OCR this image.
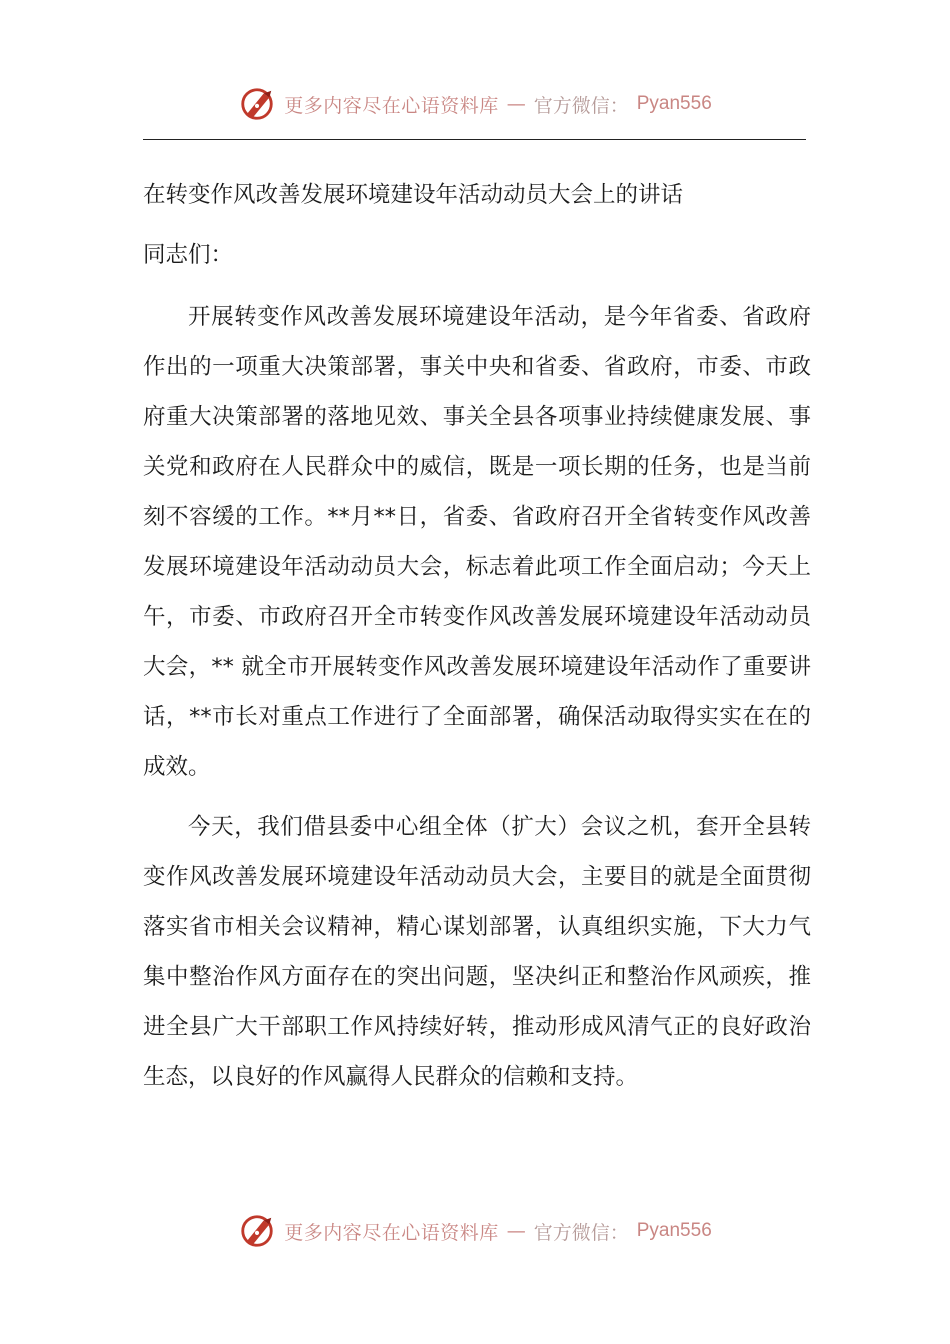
更多内容尽在心语资料库 — 官方微信： Pyan556
在转变作风改善发展环境建设年活动动员大会上的讲话

同志们：

开展转变作风改善发展环境建设年活动，是今年省委、省政府作出的一项重大决策部署，事关中央和省委、省政府，市委、市政府重大决策部署的落地见效、事关全县各项事业持续健康发展、事关党和政府在人民群众中的威信，既是一项长期的任务，也是当前刻不容缓的工作。**月**日，省委、省政府召开全省转变作风改善发展环境建设年活动动员大会，标志着此项工作全面启动；今天上午，市委、市政府召开全市转变作风改善发展环境建设年活动动员大会，** 就全市开展转变作风改善发展环境建设年活动作了重要讲话，**市长对重点工作进行了全面部署，确保活动取得实实在在的成效。

今天，我们借县委中心组全体（扩大）会议之机，套开全县转变作风改善发展环境建设年活动动员大会，主要目的就是全面贯彻落实省市相关会议精神，精心谋划部署，认真组织实施，下大力气集中整治作风方面存在的突出问题，坚决纠正和整治作风顽疾，推进全县广大干部职工作风持续好转，推动形成风清气正的良好政治生态，以良好的作风赢得人民群众的信赖和支持。

更多内容尽在心语资料库 — 官方微信： Pyan556
